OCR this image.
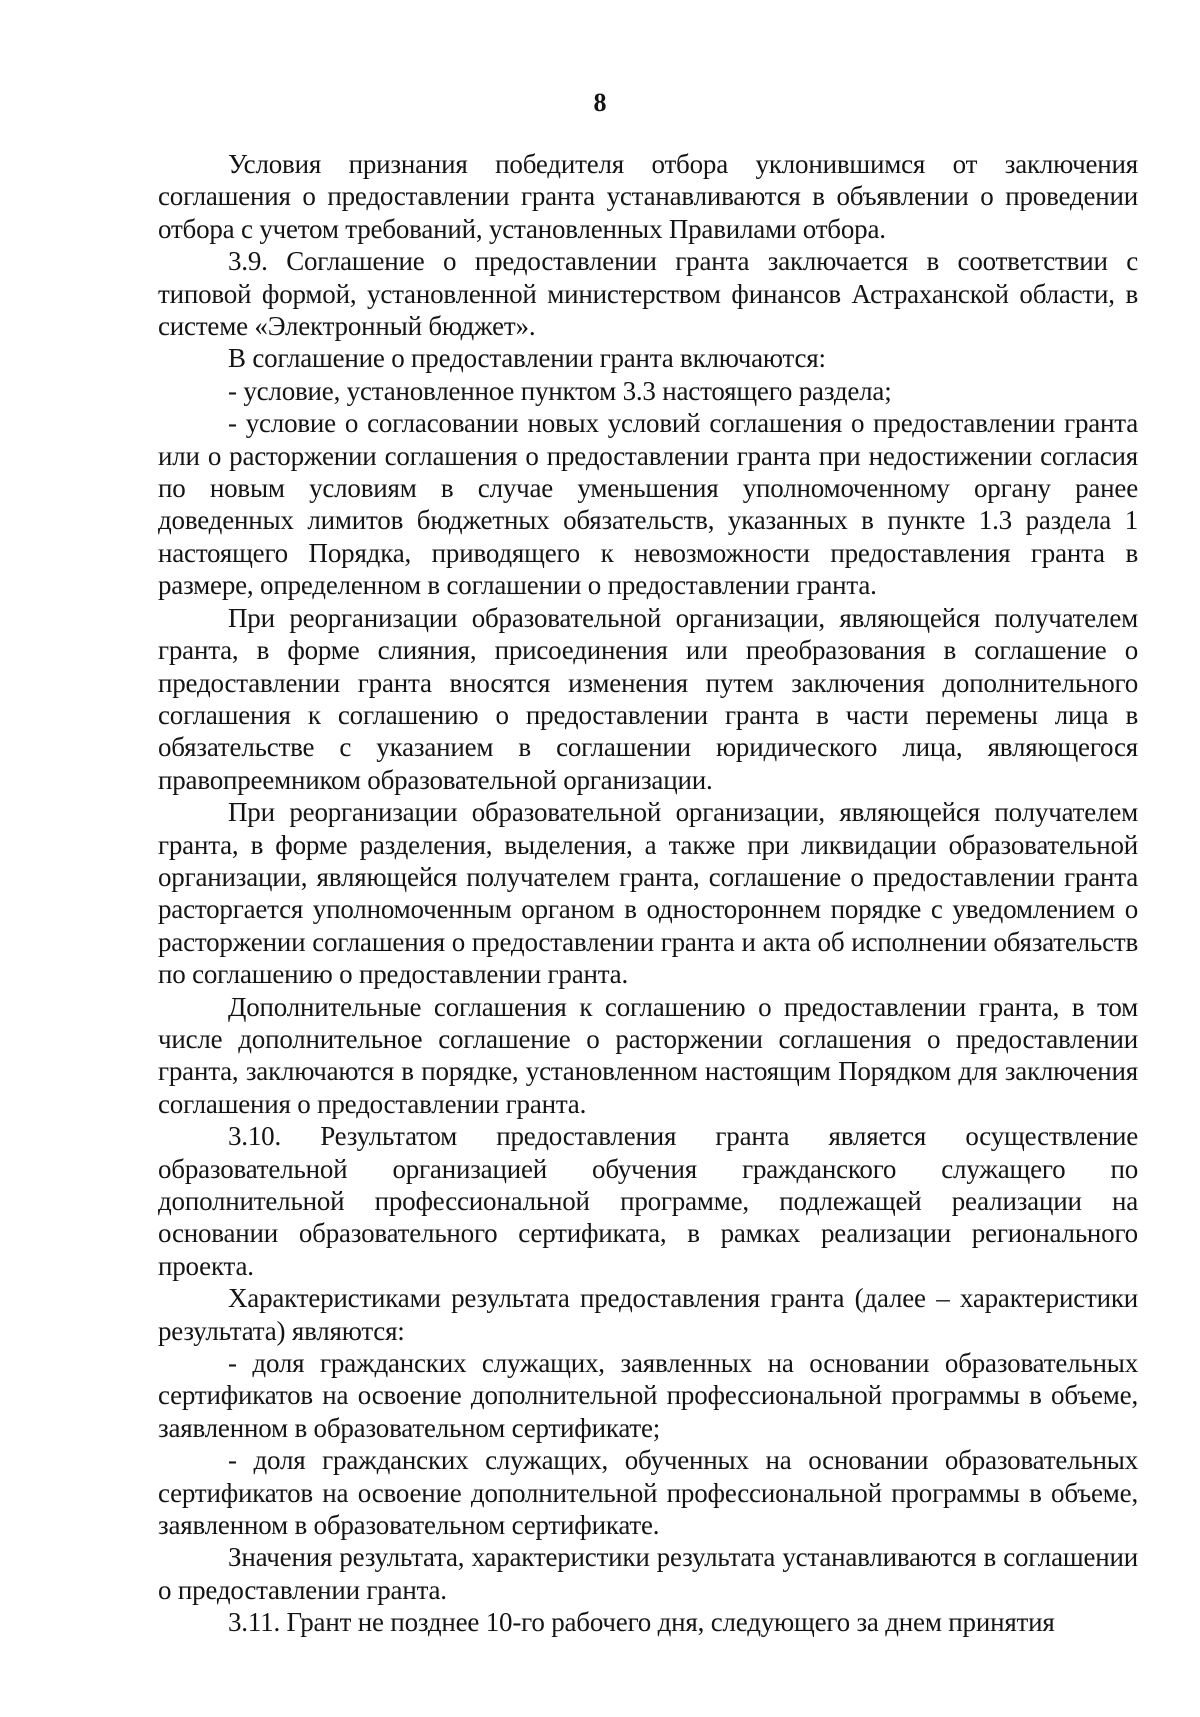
8

Условия признания победителя отбора уклонившимся от заключения соглашения о предоставлении гранта устанавливаются в объявлении о проведении отбора с учетом требований, установленных Правилами отбора.

3.9. Соглашение о предоставлении гранта заключается в соответствии с типовой формой, установленной министерством финансов Астраханской области, в системе «Электронный бюджет».

В соглашение о предоставлении гранта включаются:

- условие, установленное пунктом 3.3 настоящего раздела;

- условие о согласовании новых условий соглашения о предоставлении гранта или о расторжении соглашения о предоставлении гранта при недостижении согласия по новым условиям в случае уменьшения уполномоченному органу ранее доведенных лимитов бюджетных обязательств, указанных в пункте 1.3 раздела 1 настоящего Порядка, приводящего к невозможности предоставления гранта в размере, определенном в соглашении о предоставлении гранта.

При реорганизации образовательной организации, являющейся получателем гранта, в форме слияния, присоединения или преобразования в соглашение о предоставлении гранта вносятся изменения путем заключения дополнительного соглашения к соглашению о предоставлении гранта в части перемены лица в обязательстве с указанием в соглашении юридического лица, являющегося правопреемником образовательной организации.

При реорганизации образовательной организации, являющейся получателем гранта, в форме разделения, выделения, а также при ликвидации образовательной организации, являющейся получателем гранта, соглашение о предоставлении гранта расторгается уполномоченным органом в одностороннем порядке с уведомлением о расторжении соглашения о предоставлении гранта и акта об исполнении обязательств по соглашению о предоставлении гранта.

Дополнительные соглашения к соглашению о предоставлении гранта, в том числе дополнительное соглашение о расторжении соглашения о предоставлении гранта, заключаются в порядке, установленном настоящим Порядком для заключения соглашения о предоставлении гранта.

3.10. Результатом предоставления гранта является осуществление образовательной организацией обучения гражданского служащего по дополнительной профессиональной программе, подлежащей реализации на основании образовательного сертификата, в рамках реализации регионального проекта.

Характеристиками результата предоставления гранта (далее – характеристики результата) являются:

- доля гражданских служащих, заявленных на основании образовательных сертификатов на освоение дополнительной профессиональной программы в объеме, заявленном в образовательном сертификате;

- доля гражданских служащих, обученных на основании образовательных сертификатов на освоение дополнительной профессиональной программы в объеме, заявленном в образовательном сертификате.

Значения результата, характеристики результата устанавливаются в соглашении о предоставлении гранта.

3.11. Грант не позднее 10-го рабочего дня, следующего за днем принятия
